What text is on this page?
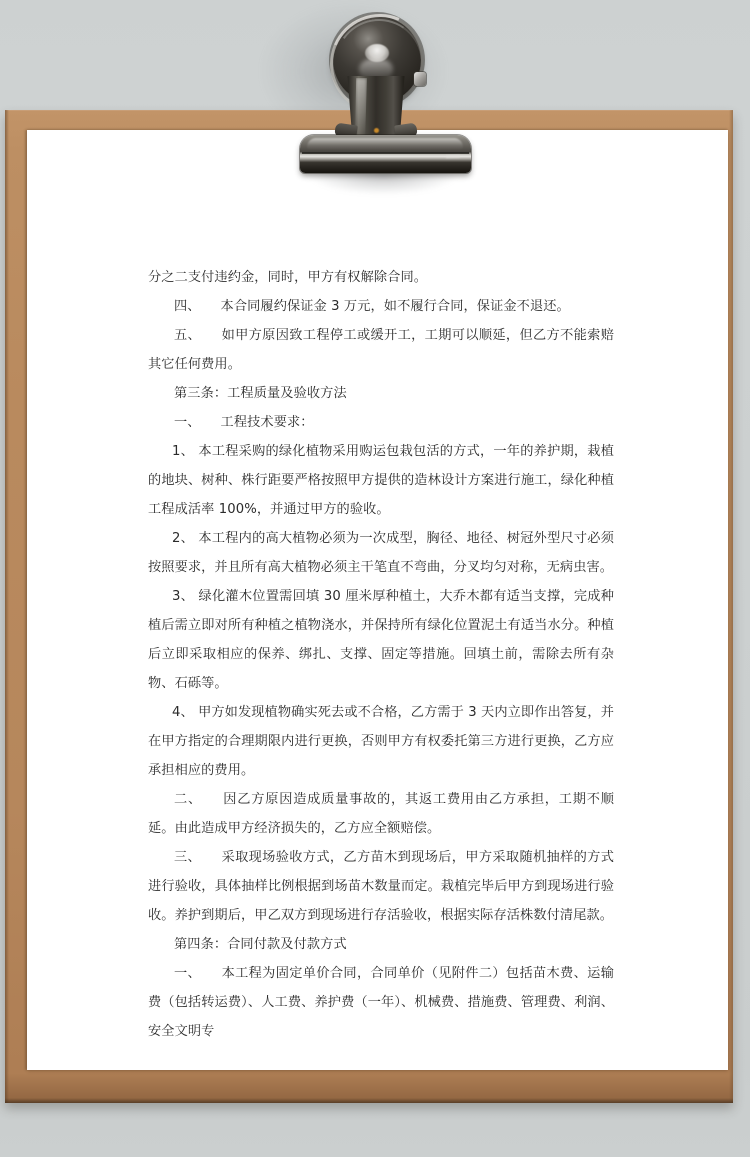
分之二支付违约金，同时，甲方有权解除合同。

四、　　本合同履约保证金 3 万元，如不履行合同，保证金不退还。

五、　　如甲方原因致工程停工或缓开工，工期可以顺延，但乙方不能索赔其它任何费用。

第三条：工程质量及验收方法

一、　　工程技术要求：

1、 本工程采购的绿化植物采用购运包栽包活的方式，一年的养护期，栽植的地块、树种、株行距要严格按照甲方提供的造林设计方案进行施工，绿化种植工程成活率 100%，并通过甲方的验收。

2、 本工程内的高大植物必须为一次成型，胸径、地径、树冠外型尺寸必须按照要求，并且所有高大植物必须主干笔直不弯曲，分叉均匀对称，无病虫害。

3、 绿化灌木位置需回填 30 厘米厚种植土，大乔木都有适当支撑，完成种植后需立即对所有种植之植物浇水，并保持所有绿化位置泥土有适当水分。种植后立即采取相应的保养、绑扎、支撑、固定等措施。回填土前，需除去所有杂物、石砾等。

4、 甲方如发现植物确实死去或不合格，乙方需于 3 天内立即作出答复，并在甲方指定的合理期限内进行更换，否则甲方有权委托第三方进行更换，乙方应承担相应的费用。

二、　　因乙方原因造成质量事故的，其返工费用由乙方承担，工期不顺延。由此造成甲方经济损失的，乙方应全额赔偿。

三、　　采取现场验收方式，乙方苗木到现场后，甲方采取随机抽样的方式进行验收，具体抽样比例根据到场苗木数量而定。栽植完毕后甲方到现场进行验收。养护到期后，甲乙双方到现场进行存活验收，根据实际存活株数付清尾款。

第四条：合同付款及付款方式

一、　　本工程为固定单价合同，合同单价（见附件二）包括苗木费、运输费（包括转运费）、人工费、养护费（一年）、机械费、措施费、管理费、利润、安全文明专
